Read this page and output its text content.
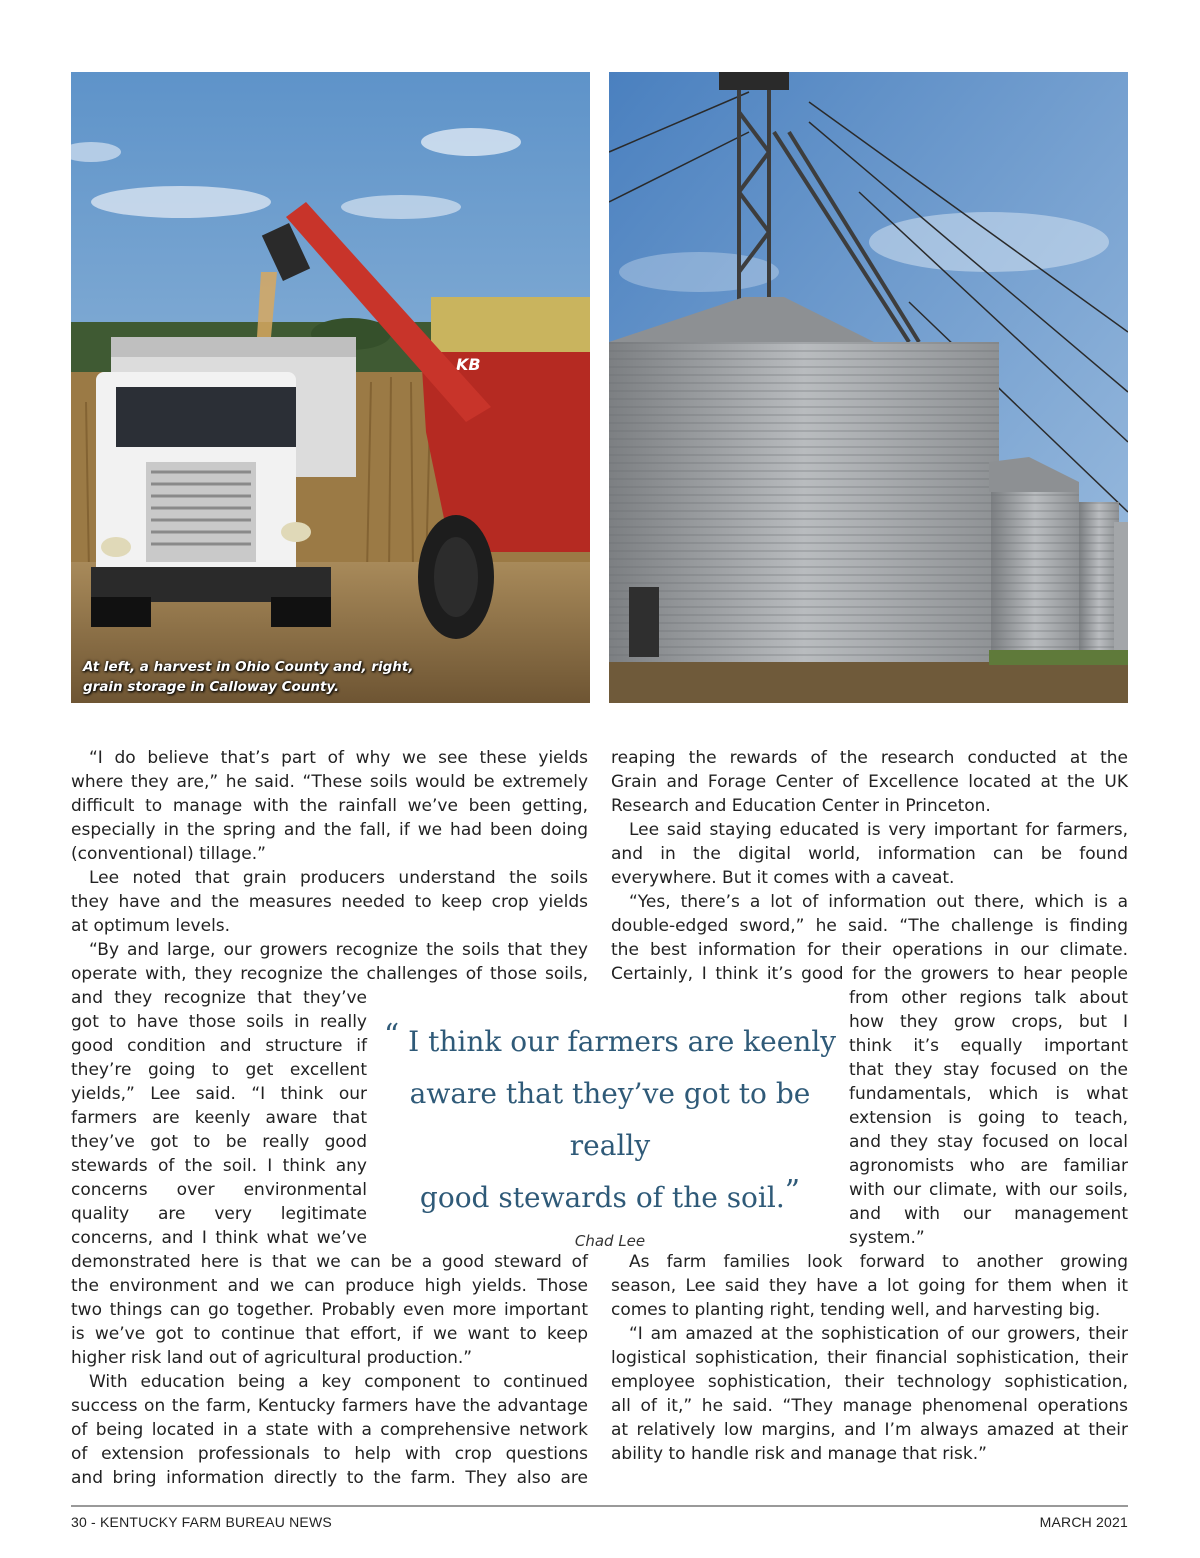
KB
At left, a harvest in Ohio County and, right,
grain storage in Calloway County.

“I do believe that’s part of why we see these yields
where they are,” he said. “These soils would be extremely
difficult to manage with the rainfall we’ve been getting,
especially in the spring and the fall, if we had been doing
(conventional) tillage.”

Lee noted that grain producers understand the soils
they have and the measures needed to keep crop yields
at optimum levels.

“By and large, our growers recognize the soils that they
operate with, they recognize the challenges of those soils,

and they recognize that they’ve
got to have those soils in really
good condition and structure if
they’re going to get excellent
yields,” Lee said. “I think our
farmers are keenly aware that
they’ve got to be really good
stewards of the soil. I think any
concerns over environmental
quality are very legitimate
concerns, and I think what we’ve

demonstrated here is that we can be a good steward of
the environment and we can produce high yields. Those
two things can go together. Probably even more important
is we’ve got to continue that effort, if we want to keep
higher risk land out of agricultural production.”

With education being a key component to continued
success on the farm, Kentucky farmers have the advantage
of being located in a state with a comprehensive network
of extension professionals to help with crop questions
and bring information directly to the farm. They also are

reaping the rewards of the research conducted at the
Grain and Forage Center of Excellence located at the UK
Research and Education Center in Princeton.

Lee said staying educated is very important for farmers,
and in the digital world, information can be found
everywhere. But it comes with a caveat.

“Yes, there’s a lot of information out there, which is a
double-edged sword,” he said. “The challenge is finding
the best information for their operations in our climate.
Certainly, I think it’s good for the growers to hear people

from other regions talk about
how they grow crops, but I
think it’s equally important
that they stay focused on the
fundamentals, which is what
extension is going to teach,
and they stay focused on local
agronomists who are familiar
with our climate, with our soils,
and with our management
system.”

As farm families look forward to another growing
season, Lee said they have a lot going for them when it
comes to planting right, tending well, and harvesting big.

“I am amazed at the sophistication of our growers, their
logistical sophistication, their financial sophistication, their
employee sophistication, their technology sophistication,
all of it,” he said. “They manage phenomenal operations
at relatively low margins, and I’m always amazed at their
ability to handle risk and manage that risk.”

“ I think our farmers are keenly
aware that they’ve got to be really
good stewards of the soil.”
Chad Lee
30 - KENTUCKY FARM BUREAU NEWS	MARCH 2021
